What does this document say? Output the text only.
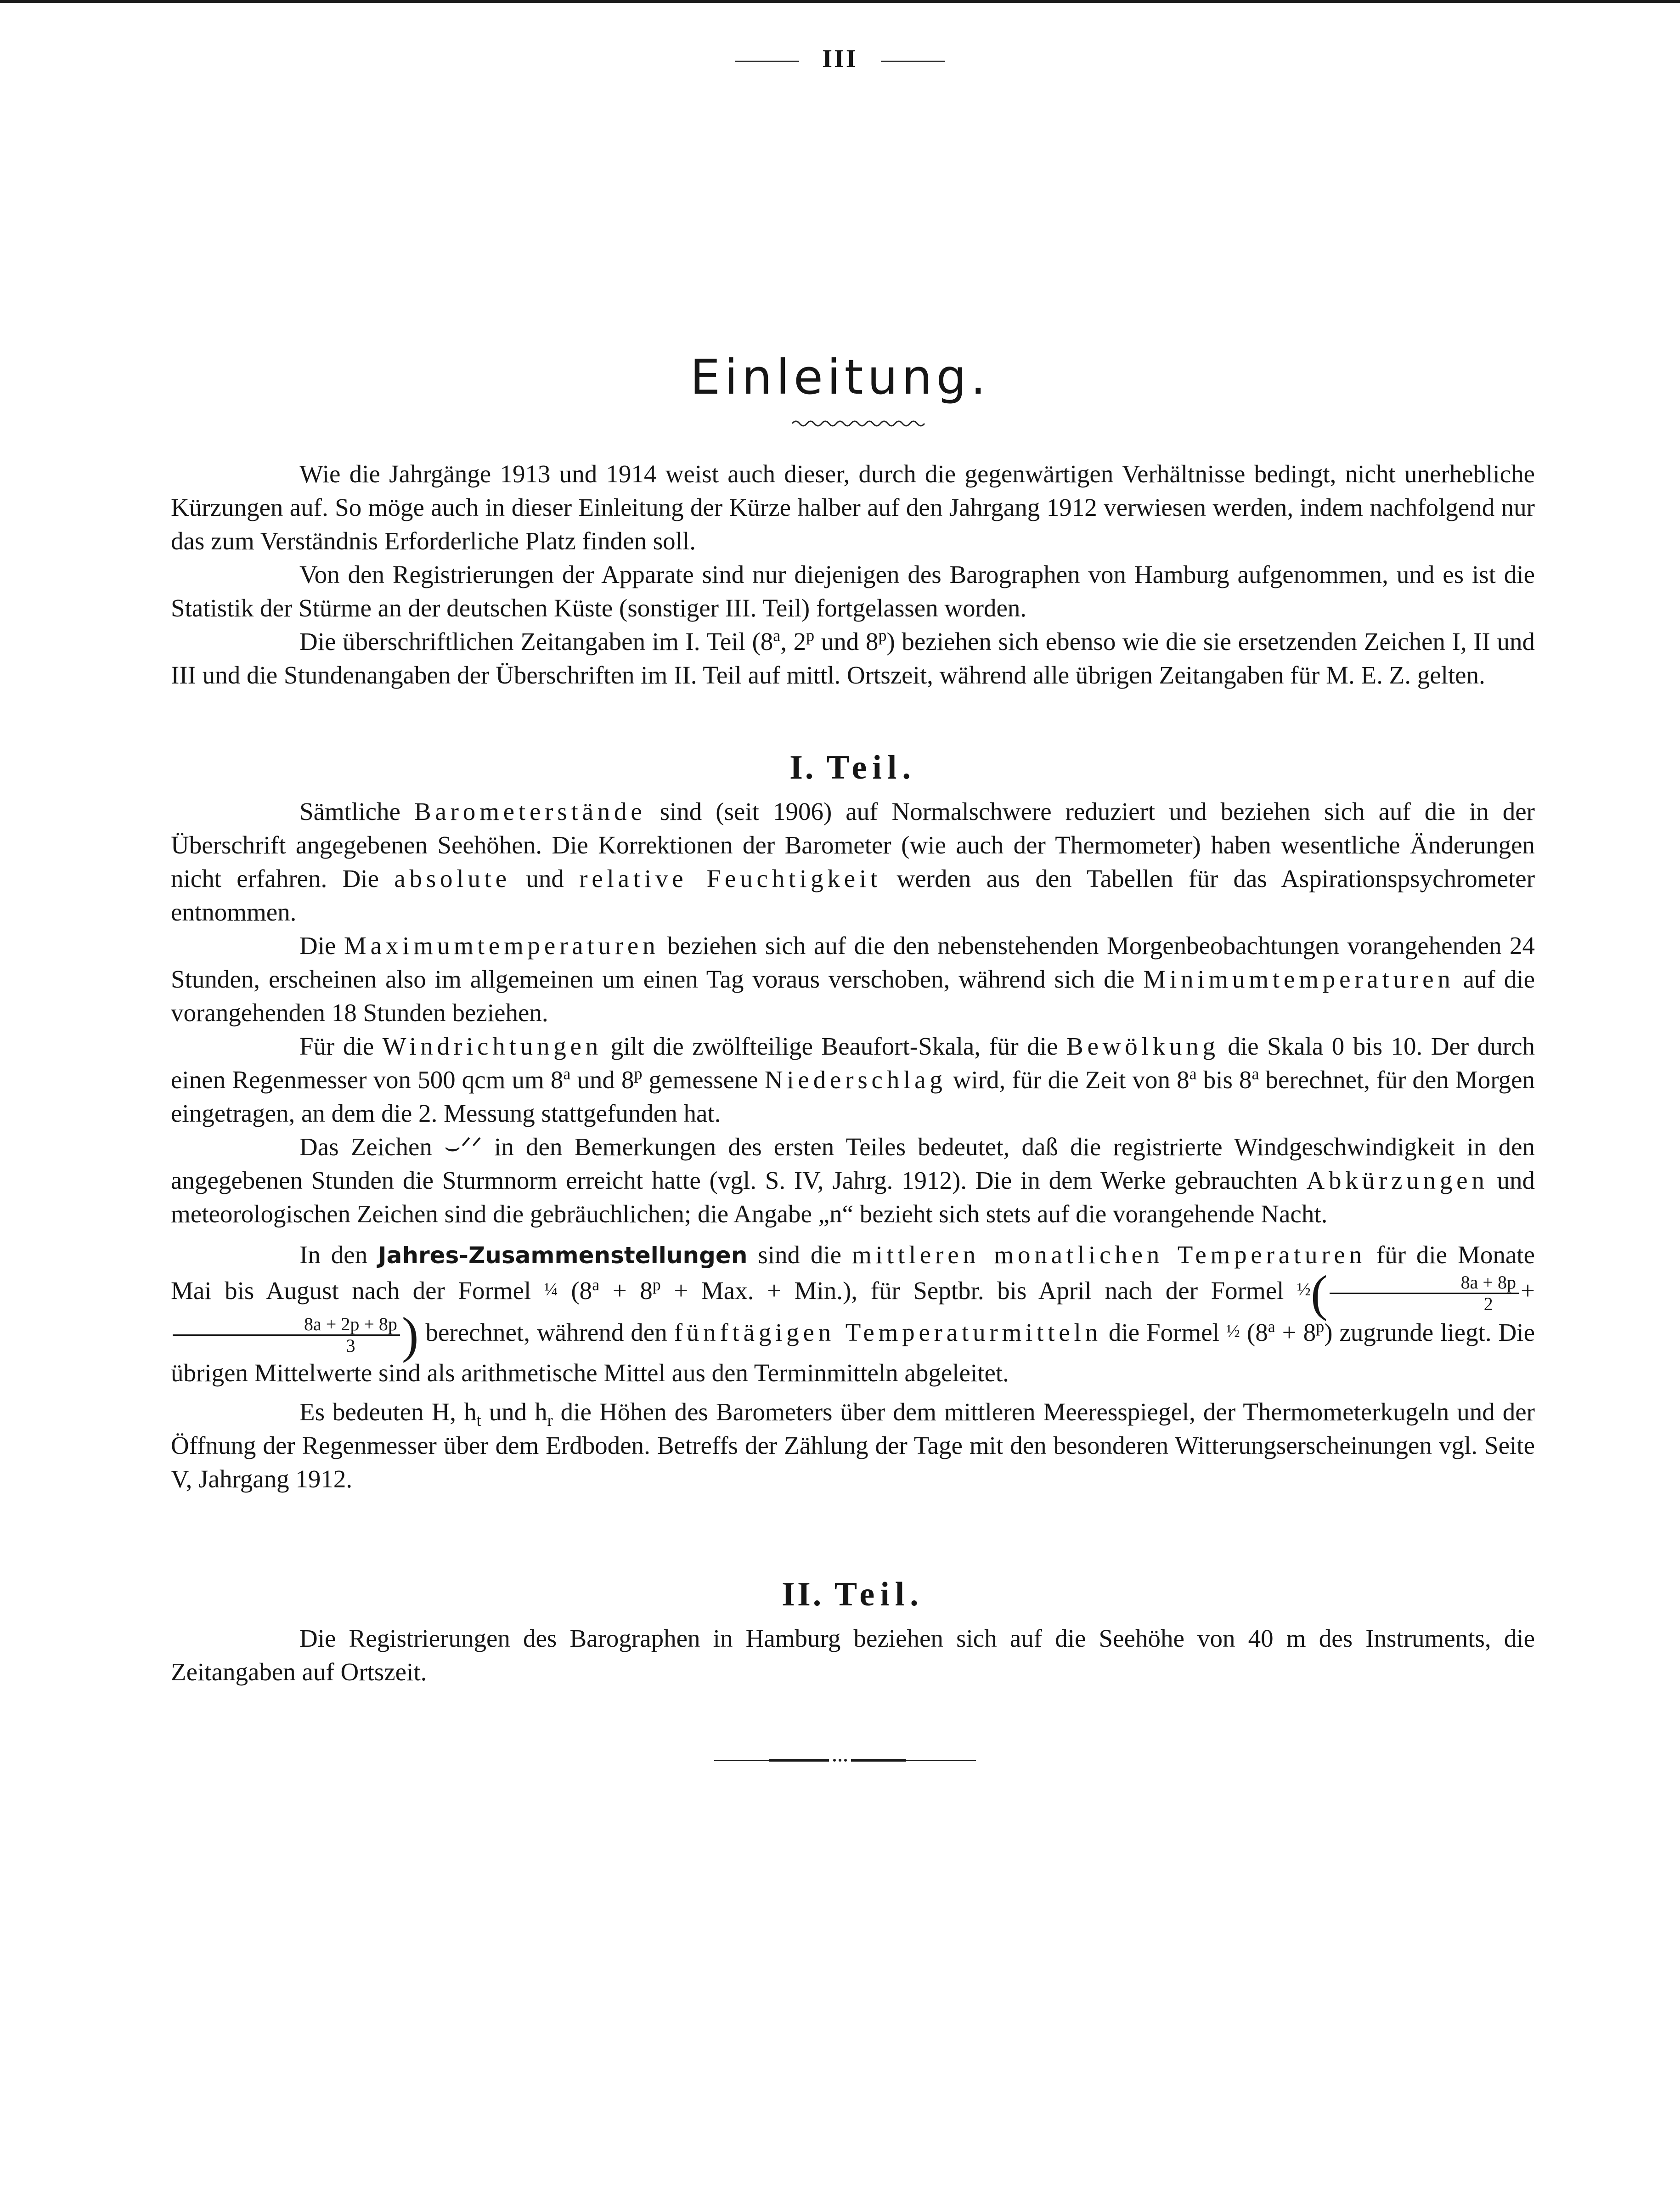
III
Einleitung.

Wie die Jahrgänge 1913 und 1914 weist auch dieser, durch die gegenwärtigen Verhältnisse bedingt, nicht unerhebliche Kürzungen auf. So möge auch in dieser Einleitung der Kürze halber auf den Jahrgang 1912 verwiesen werden, indem nachfolgend nur das zum Verständnis Erforderliche Platz finden soll.

Von den Registrierungen der Apparate sind nur diejenigen des Barographen von Hamburg aufgenommen, und es ist die Statistik der Stürme an der deutschen Küste (sonstiger III. Teil) fortgelassen worden.

Die überschriftlichen Zeitangaben im I. Teil (8$^a$, 2$^p$ und 8$^p$) beziehen sich ebenso wie die sie ersetzenden Zeichen I, II und III und die Stundenangaben der Überschriften im II. Teil auf mittl. Ortszeit, während alle übrigen Zeitangaben für M. E. Z. gelten.

I. Teil.

Sämtliche Barometerstände sind (seit 1906) auf Normalschwere reduziert und beziehen sich auf die in der Überschrift angegebenen Seehöhen. Die Korrektionen der Barometer (wie auch der Thermometer) haben wesentliche Änderungen nicht erfahren. Die absolute und relative Feuchtigkeit werden aus den Tabellen für das Aspirationspsychrometer entnommen.

Die Maximumtemperaturen beziehen sich auf die den nebenstehenden Morgenbeobachtungen vorangehenden 24 Stunden, erscheinen also im allgemeinen um einen Tag voraus verschoben, während sich die Minimumtemperaturen auf die vorangehenden 18 Stunden beziehen.

Für die Windrichtungen gilt die zwölfteilige Beaufort-Skala, für die Bewölkung die Skala 0 bis 10. Der durch einen Regenmesser von 500 qcm um 8$^a$ und 8$^p$ gemessene Niederschlag wird, für die Zeit von 8$^a$ bis 8$^a$ berechnet, für den Morgen eingetragen, an dem die 2. Messung stattgefunden hat.

Das Zeichen ⌣ᐟᐟ in den Bemerkungen des ersten Teiles bedeutet, daß die registrierte Windgeschwindigkeit in den angegebenen Stunden die Sturmnorm erreicht hatte (vgl. S. IV, Jahrg. 1912). Die in dem Werke gebrauchten Abkürzungen und meteorologischen Zeichen sind die gebräuchlichen; die Angabe „n“ bezieht sich stets auf die vorangehende Nacht.

In den Jahres-Zusammenstellungen sind die mittleren monatlichen Temperaturen für die Monate Mai bis August nach der Formel ¼ ($8^a + 8^p$ + Max. + Min.), für Septbr. bis April nach der Formel ½( $\frac{8a + 8p}{2}$ +
$\frac{8a + 2p + 8p}{3}$ ) berechnet, während den fünftägigen Temperaturmitteln die Formel ½ $(8^a + 8^p)$ zugrunde liegt. Die übrigen Mittelwerte sind als arithmetische Mittel aus den Terminmitteln abgeleitet.

Es bedeuten H, $h_t$ und $h_r$ die Höhen des Barometers über dem mittleren Meeresspiegel, der Thermometerkugeln und der Öffnung der Regenmesser über dem Erdboden. Betreffs der Zählung der Tage mit den besonderen Witterungserscheinungen vgl. Seite V, Jahrgang 1912.

II. Teil.

Die Registrierungen des Barographen in Hamburg beziehen sich auf die Seehöhe von 40 m des Instruments, die Zeitangaben auf Ortszeit.
